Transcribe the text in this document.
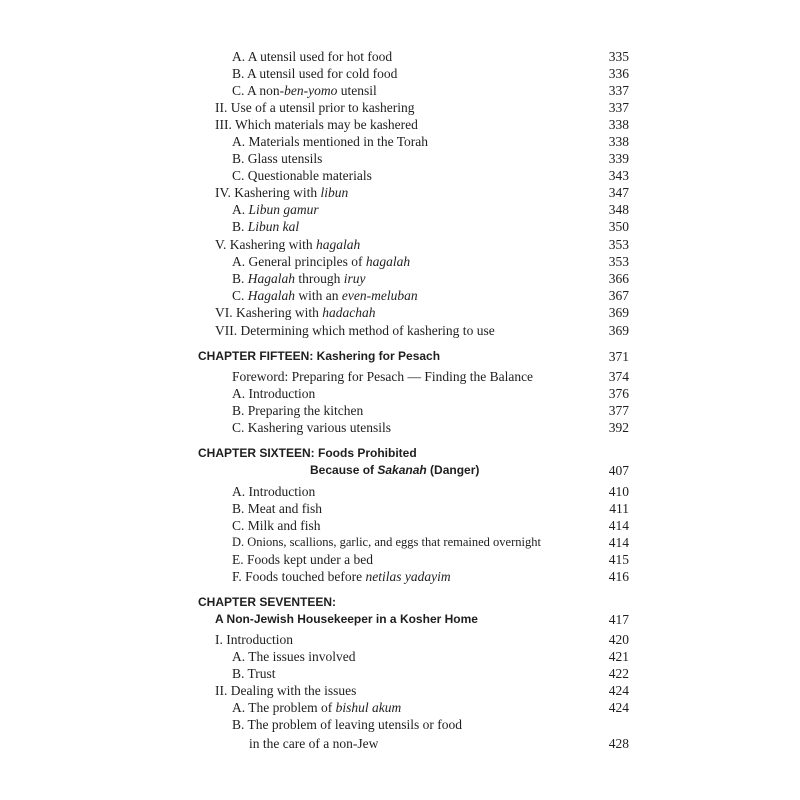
A. A utensil used for hot food	335
B. A utensil used for cold food	336
C. A non-ben-yomo utensil	337
II. Use of a utensil prior to kashering	337
III. Which materials may be kashered	338
A. Materials mentioned in the Torah	338
B. Glass utensils	339
C. Questionable materials	343
IV. Kashering with libun	347
A. Libun gamur	348
B. Libun kal	350
V. Kashering with hagalah	353
A. General principles of hagalah	353
B. Hagalah through iruy	366
C. Hagalah with an even-meluban	367
VI. Kashering with hadachah	369
VII. Determining which method of kashering to use	369
CHAPTER FIFTEEN: Kashering for Pesach	371
Foreword: Preparing for Pesach — Finding the Balance	374
A. Introduction	376
B. Preparing the kitchen	377
C. Kashering various utensils	392
CHAPTER SIXTEEN: Foods Prohibited
Because of Sakanah (Danger)	407
A. Introduction	410
B. Meat and fish	411
C. Milk and fish	414
D. Onions, scallions, garlic, and eggs that remained overnight	414
E. Foods kept under a bed	415
F. Foods touched before netilas yadayim	416
CHAPTER SEVENTEEN:
A Non-Jewish Housekeeper in a Kosher Home	417
I. Introduction	420
A. The issues involved	421
B. Trust	422
II. Dealing with the issues	424
A. The problem of bishul akum	424
B. The problem of leaving utensils or food
in the care of a non-Jew	428
